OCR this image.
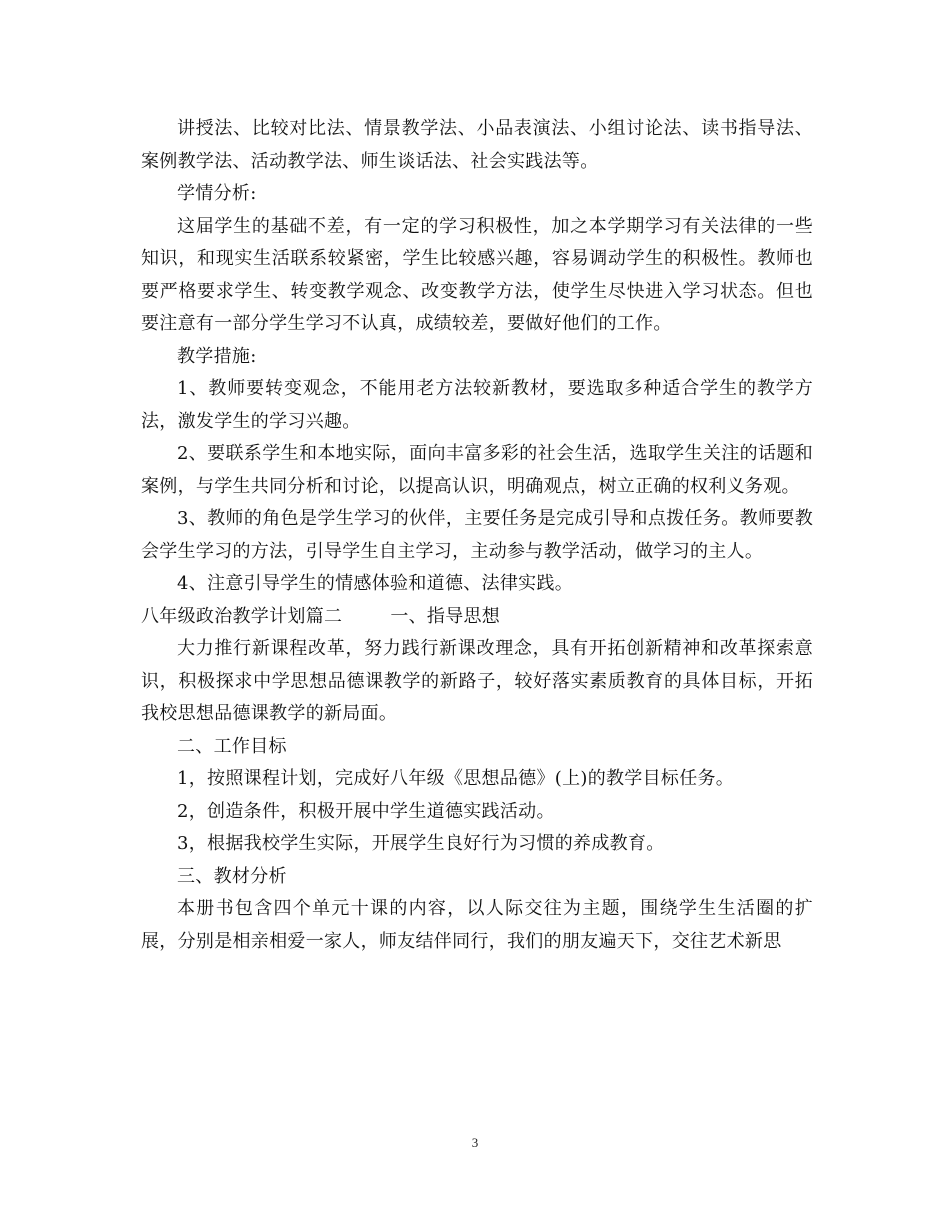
讲授法、比较对比法、情景教学法、小品表演法、小组讨论法、读书指导法、案例教学法、活动教学法、师生谈话法、社会实践法等。

学情分析:

这届学生的基础不差，有一定的学习积极性，加之本学期学习有关法律的一些知识，和现实生活联系较紧密，学生比较感兴趣，容易调动学生的积极性。教师也要严格要求学生、转变教学观念、改变教学方法，使学生尽快进入学习状态。但也要注意有一部分学生学习不认真，成绩较差，要做好他们的工作。

教学措施:

1、教师要转变观念，不能用老方法较新教材，要选取多种适合学生的教学方法，激发学生的学习兴趣。

2、要联系学生和本地实际，面向丰富多彩的社会生活，选取学生关注的话题和案例，与学生共同分析和讨论，以提高认识，明确观点，树立正确的权利义务观。

3、教师的角色是学生学习的伙伴，主要任务是完成引导和点拨任务。教师要教会学生学习的方法，引导学生自主学习，主动参与教学活动，做学习的主人。

4、注意引导学生的情感体验和道德、法律实践。

八年级政治教学计划篇二	一、指导思想

大力推行新课程改革，努力践行新课改理念，具有开拓创新精神和改革探索意识，积极探求中学思想品德课教学的新路子，较好落实素质教育的具体目标，开拓我校思想品德课教学的新局面。

二、工作目标

1，按照课程计划，完成好八年级《思想品德》(上)的教学目标任务。

2，创造条件，积极开展中学生道德实践活动。

3，根据我校学生实际，开展学生良好行为习惯的养成教育。

三、教材分析

本册书包含四个单元十课的内容，以人际交往为主题，围绕学生生活圈的扩展，分别是相亲相爱一家人，师友结伴同行，我们的朋友遍天下，交往艺术新思

3
